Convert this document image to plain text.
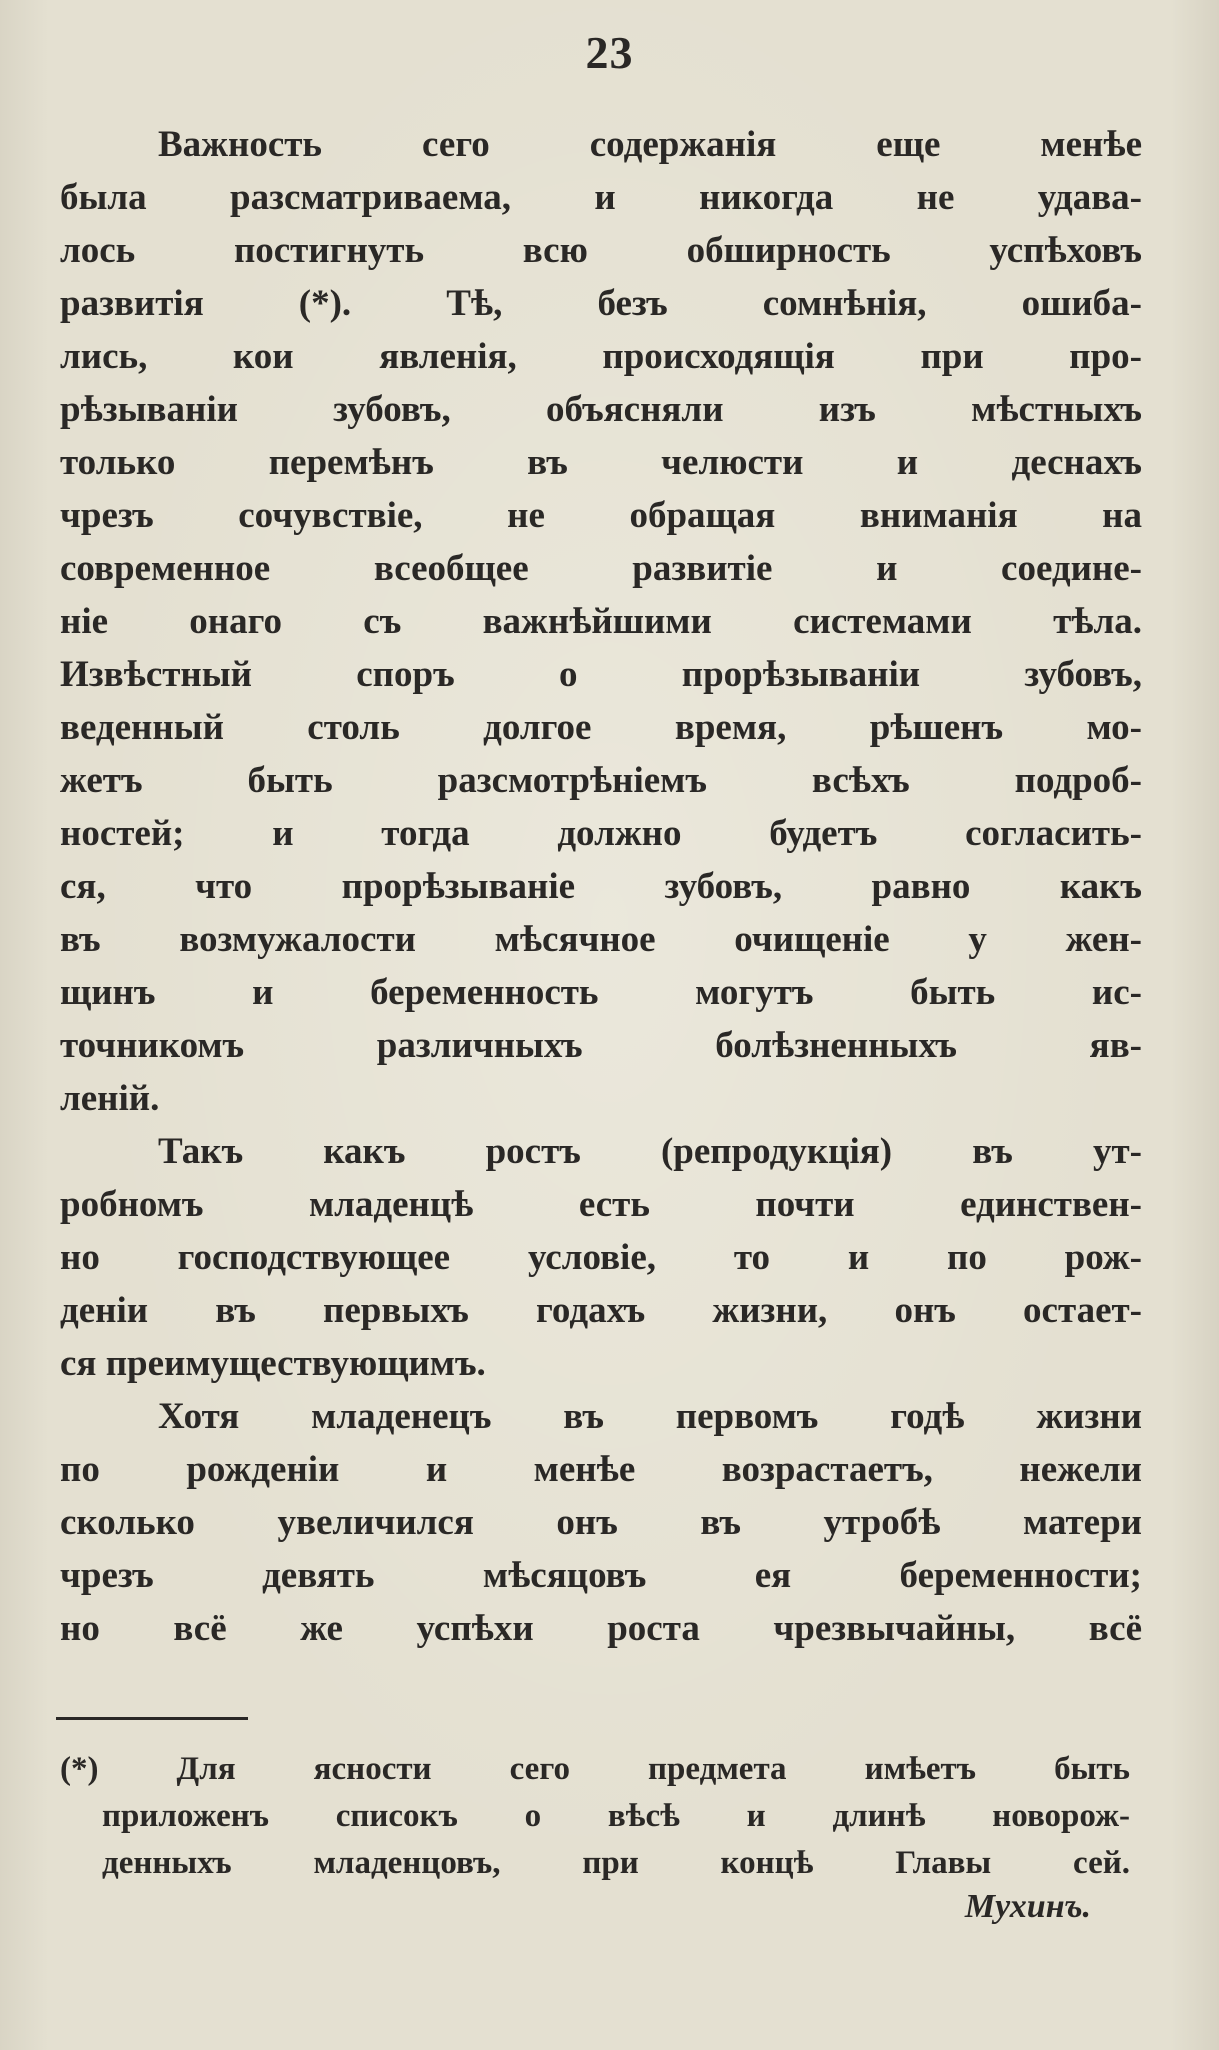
23
Важность сего содержанія еще менѣе
была разсматриваема, и никогда не удава-
лось постигнуть всю обширность успѣховъ
развитія (*). Тѣ, безъ сомнѣнія, ошиба-
лись, кои явленія, происходящія при про-
рѣзываніи зубовъ, объясняли изъ мѣстныхъ
только перемѣнъ въ челюсти и деснахъ
чрезъ сочувствіе, не обращая вниманія на
современное всеобщее развитіе и соедине-
ніе онаго съ важнѣйшими системами тѣла.
Извѣстный споръ о прорѣзываніи зубовъ,
веденный столь долгое время, рѣшенъ мо-
жетъ быть разсмотрѣніемъ всѣхъ подроб-
ностей; и тогда должно будетъ согласить-
ся, что прорѣзываніе зубовъ, равно какъ
въ возмужалости мѣсячное очищеніе у жен-
щинъ и беременность могутъ быть ис-
точникомъ различныхъ болѣзненныхъ яв-
леній.
Такъ какъ ростъ (репродукція) въ ут-
робномъ младенцѣ есть почти единствен-
но господствующее условіе, то и по рож-
деніи въ первыхъ годахъ жизни, онъ остает-
ся преимуществующимъ.
Хотя младенецъ въ первомъ годѣ жизни
по рожденіи и менѣе возрастаетъ, нежели
сколько увеличился онъ въ утробѣ матери
чрезъ девять мѣсяцовъ ея беременности;
но всё же успѣхи роста чрезвычайны, всё
(*) Для ясности сего предмета имѣетъ быть
приложенъ списокъ о вѣсѣ и длинѣ новорож-
денныхъ младенцовъ, при концѣ Главы сей.
Мухинъ.
